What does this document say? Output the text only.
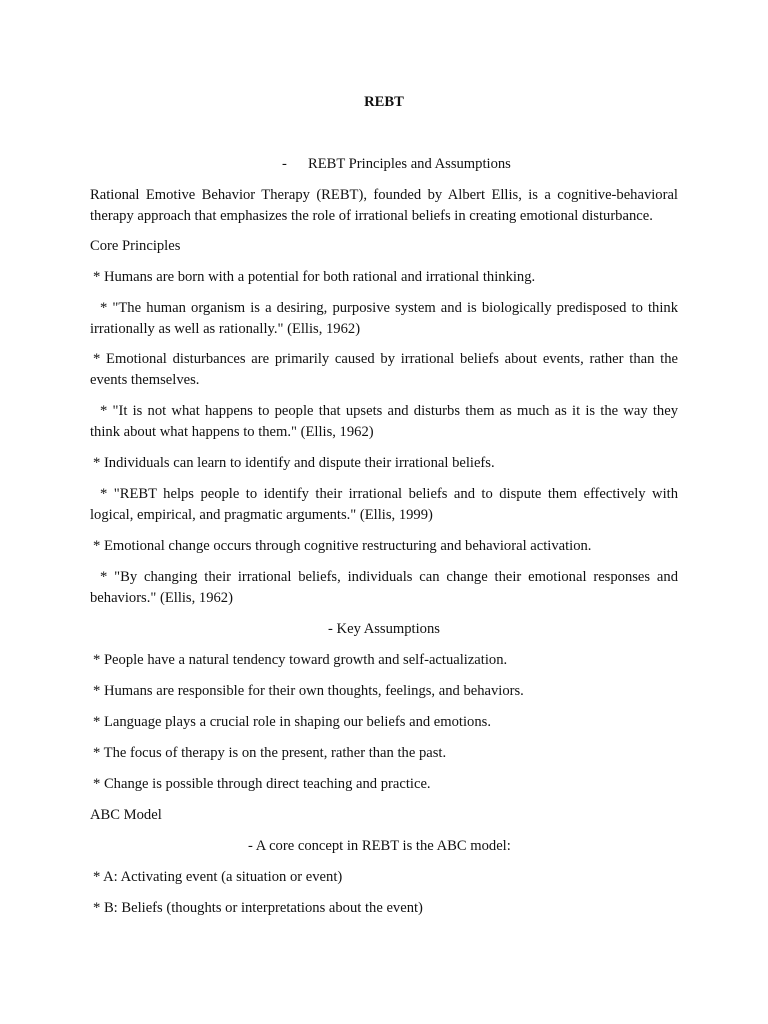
REBT

- REBT Principles and Assumptions

Rational Emotive Behavior Therapy (REBT), founded by Albert Ellis, is a cognitive-behavioral therapy approach that emphasizes the role of irrational beliefs in creating emotional disturbance.

Core Principles

* Humans are born with a potential for both rational and irrational thinking.

* "The human organism is a desiring, purposive system and is biologically predisposed to think irrationally as well as rationally." (Ellis, 1962)

* Emotional disturbances are primarily caused by irrational beliefs about events, rather than the events themselves.

* "It is not what happens to people that upsets and disturbs them as much as it is the way they think about what happens to them." (Ellis, 1962)

* Individuals can learn to identify and dispute their irrational beliefs.

* "REBT helps people to identify their irrational beliefs and to dispute them effectively with logical, empirical, and pragmatic arguments." (Ellis, 1999)

* Emotional change occurs through cognitive restructuring and behavioral activation.

* "By changing their irrational beliefs, individuals can change their emotional responses and behaviors." (Ellis, 1962)

- Key Assumptions

* People have a natural tendency toward growth and self-actualization.

* Humans are responsible for their own thoughts, feelings, and behaviors.

* Language plays a crucial role in shaping our beliefs and emotions.

* The focus of therapy is on the present, rather than the past.

* Change is possible through direct teaching and practice.

ABC Model

- A core concept in REBT is the ABC model:

* A: Activating event (a situation or event)

* B: Beliefs (thoughts or interpretations about the event)
